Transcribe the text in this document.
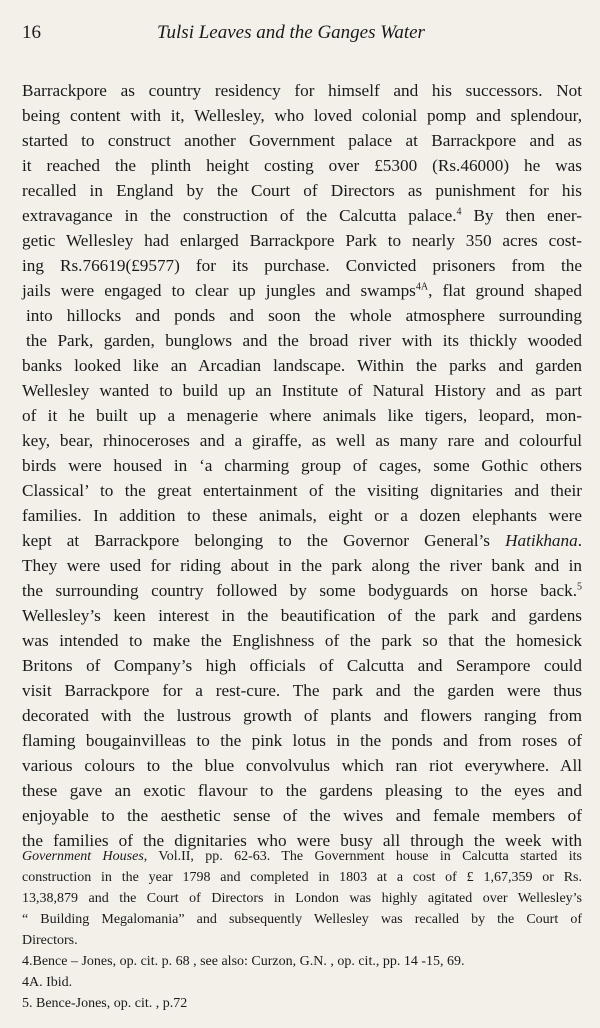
16	Tulsi Leaves and the Ganges Water
Barrackpore as country residency for himself and his successors. Not
being content with it, Wellesley, who loved colonial pomp and splendour,
started to construct another Government palace at Barrackpore and as
it reached the plinth height costing over £5300 (Rs.46000) he was
recalled in England by the Court of Directors as punishment for his
extravagance in the construction of the Calcutta palace.$^4$ By then ener-
getic Wellesley had enlarged Barrackpore Park to nearly 350 acres cost-
ing Rs.76619(£9577) for its purchase. Convicted prisoners from the
jails were engaged to clear up jungles and swamps$^{4A}$, flat ground shaped
into hillocks and ponds and soon the whole atmosphere surrounding
the Park, garden, bunglows and the broad river with its thickly wooded
banks looked like an Arcadian landscape. Within the parks and garden
Wellesley wanted to build up an Institute of Natural History and as part
of it he built up a menagerie where animals like tigers, leopard, mon-
key, bear, rhinoceroses and a giraffe, as well as many rare and colourful
birds were housed in ‘a charming group of cages, some Gothic others
Classical’ to the great entertainment of the visiting dignitaries and their
families. In addition to these animals, eight or a dozen elephants were
kept at Barrackpore belonging to the Governor General’s Hatikhana.
They were used for riding about in the park along the river bank and in
the surrounding country followed by some bodyguards on horse back.$^5$
Wellesley’s keen interest in the beautification of the park and gardens
was intended to make the Englishness of the park so that the homesick
Britons of Company’s high officials of Calcutta and Serampore could
visit Barrackpore for a rest-cure. The park and the garden were thus
decorated with the lustrous growth of plants and flowers ranging from
flaming bougainvilleas to the pink lotus in the ponds and from roses of
various colours to the blue convolvulus which ran riot everywhere. All
these gave an exotic flavour to the gardens pleasing to the eyes and
enjoyable to the aesthetic sense of the wives and female members of
the families of the dignitaries who were busy all through the week with
Government Houses, Vol.II, pp. 62-63. The Government house in Calcutta started its
construction in the year 1798 and completed in 1803 at a cost of £ 1,67,359 or Rs.
13,38,879 and the Court of Directors in London was highly agitated over Wellesley’s
“ Building Megalomania” and subsequently Wellesley was recalled by the Court of
Directors.
4.Bence – Jones, op. cit. p. 68 , see also: Curzon, G.N. , op. cit., pp. 14 -15, 69.
4A. Ibid.
5. Bence-Jones, op. cit. , p.72
